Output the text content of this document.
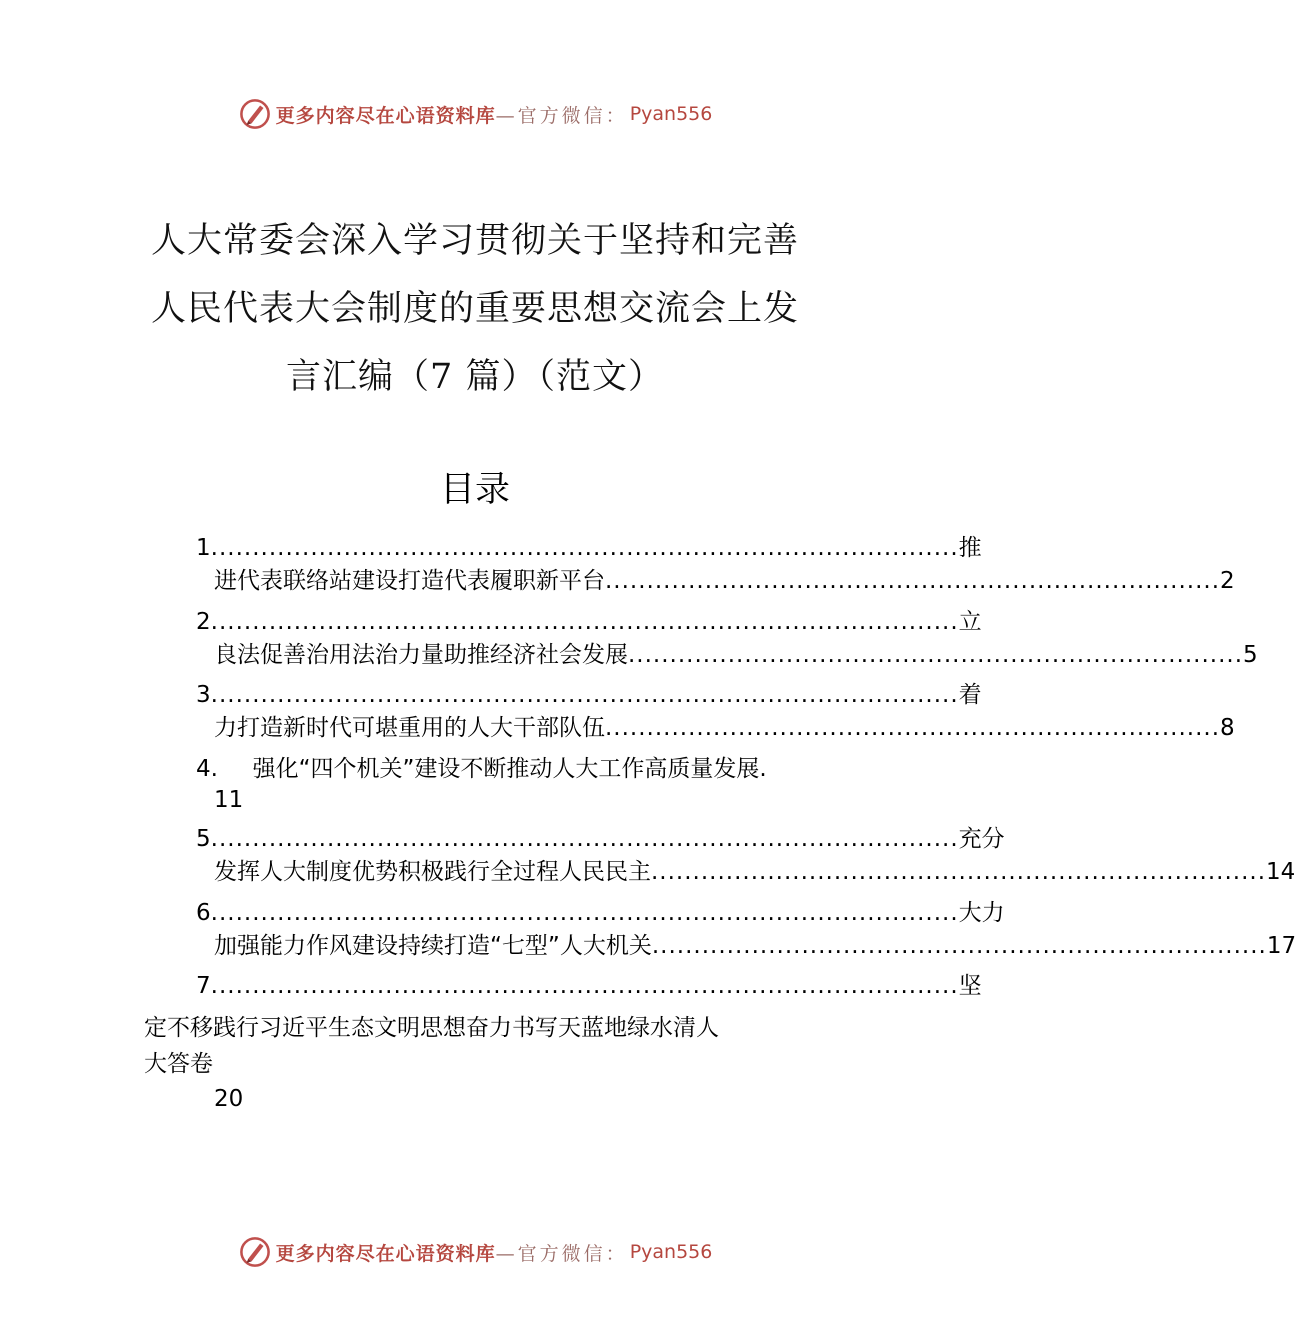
更多内容尽在心语资料库 —官方微信： Pyan556
人大常委会深入学习贯彻关于坚持和完善
人民代表大会制度的重要思想交流会上发
言汇编（7 篇）（范文）
目录
1 .......................................................................................... 推
进代表联络站建设打造代表履职新平台 .......................................................................... 2
2 .......................................................................................... 立
良法促善治用法治力量助推经济社会发展 .......................................................................... 5
3 .......................................................................................... 着
力打造新时代可堪重用的人大干部队伍 .......................................................................... 8
4. 强化“四个机关”建设不断推动人大工作高质量发展.
11
5 .......................................................................................... 充分
发挥人大制度优势积极践行全过程人民民主 .......................................................................... 14
6 .......................................................................................... 大力
加强能力作风建设持续打造“七型”人大机关 .......................................................................... 17
7 .......................................................................................... 坚
定不移践行习近平生态文明思想奋力书写天蓝地绿水清人
大答卷
20
更多内容尽在心语资料库 —官方微信： Pyan556
